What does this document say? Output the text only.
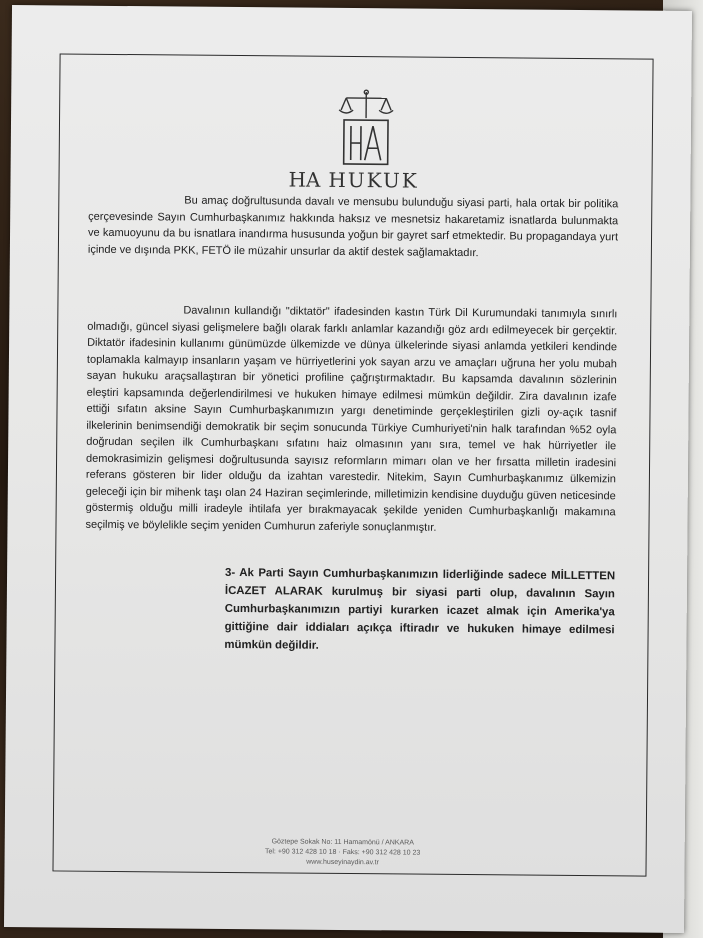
HA HUKUK

Bu amaç doğrultusunda davalı ve mensubu bulunduğu siyasi parti, hala ortak bir politika çerçevesinde Sayın Cumhurbaşkanımız hakkında haksız ve mesnetsiz hakaretamiz isnatlarda bulunmakta ve kamuoyunu da bu isnatlara inandırma hususunda yoğun bir gayret sarf etmektedir. Bu propagandaya yurt içinde ve dışında PKK, FETÖ ile müzahir unsurlar da aktif destek sağlamaktadır.

Davalının kullandığı "diktatör" ifadesinden kastın Türk Dil Kurumundaki tanımıyla sınırlı olmadığı, güncel siyasi gelişmelere bağlı olarak farklı anlamlar kazandığı göz ardı edilmeyecek bir gerçektir. Diktatör ifadesinin kullanımı günümüzde ülkemizde ve dünya ülkelerinde siyasi anlamda yetkileri kendinde toplamakla kalmayıp insanların yaşam ve hürriyetlerini yok sayan arzu ve amaçları uğruna her yolu mubah sayan hukuku araçsallaştıran bir yönetici profiline çağrıştırmaktadır. Bu kapsamda davalının sözlerinin eleştiri kapsamında değerlendirilmesi ve hukuken himaye edilmesi mümkün değildir. Zira davalının izafe ettiği sıfatın aksine Sayın Cumhurbaşkanımızın yargı denetiminde gerçekleştirilen gizli oy-açık tasnif ilkelerinin benimsendiği demokratik bir seçim sonucunda Türkiye Cumhuriyeti'nin halk tarafından %52 oyla doğrudan seçilen ilk Cumhurbaşkanı sıfatını haiz olmasının yanı sıra, temel ve hak hürriyetler ile demokrasimizin gelişmesi doğrultusunda sayısız reformların mimarı olan ve her fırsatta milletin iradesini referans gösteren bir lider olduğu da izahtan varestedir. Nitekim, Sayın Cumhurbaşkanımız ülkemizin geleceği için bir mihenk taşı olan 24 Haziran seçimlerinde, milletimizin kendisine duyduğu güven neticesinde göstermiş olduğu milli iradeyle ihtilafa yer bırakmayacak şekilde yeniden Cumhurbaşkanlığı makamına seçilmiş ve böylelikle seçim yeniden Cumhurun zaferiyle sonuçlanmıştır.

3- Ak Parti Sayın Cumhurbaşkanımızın liderliğinde sadece MİLLETTEN İCAZET ALARAK kurulmuş bir siyasi parti olup, davalının Sayın Cumhurbaşkanımızın partiyi kurarken icazet almak için Amerika'ya gittiğine dair iddiaları açıkça iftiradır ve hukuken himaye edilmesi mümkün değildir.
Göztepe Sokak No: 11 Hamamönü / ANKARA
Tel: +90 312 428 10 18 · Faks: +90 312 428 10 23
www.huseyinaydin.av.tr
